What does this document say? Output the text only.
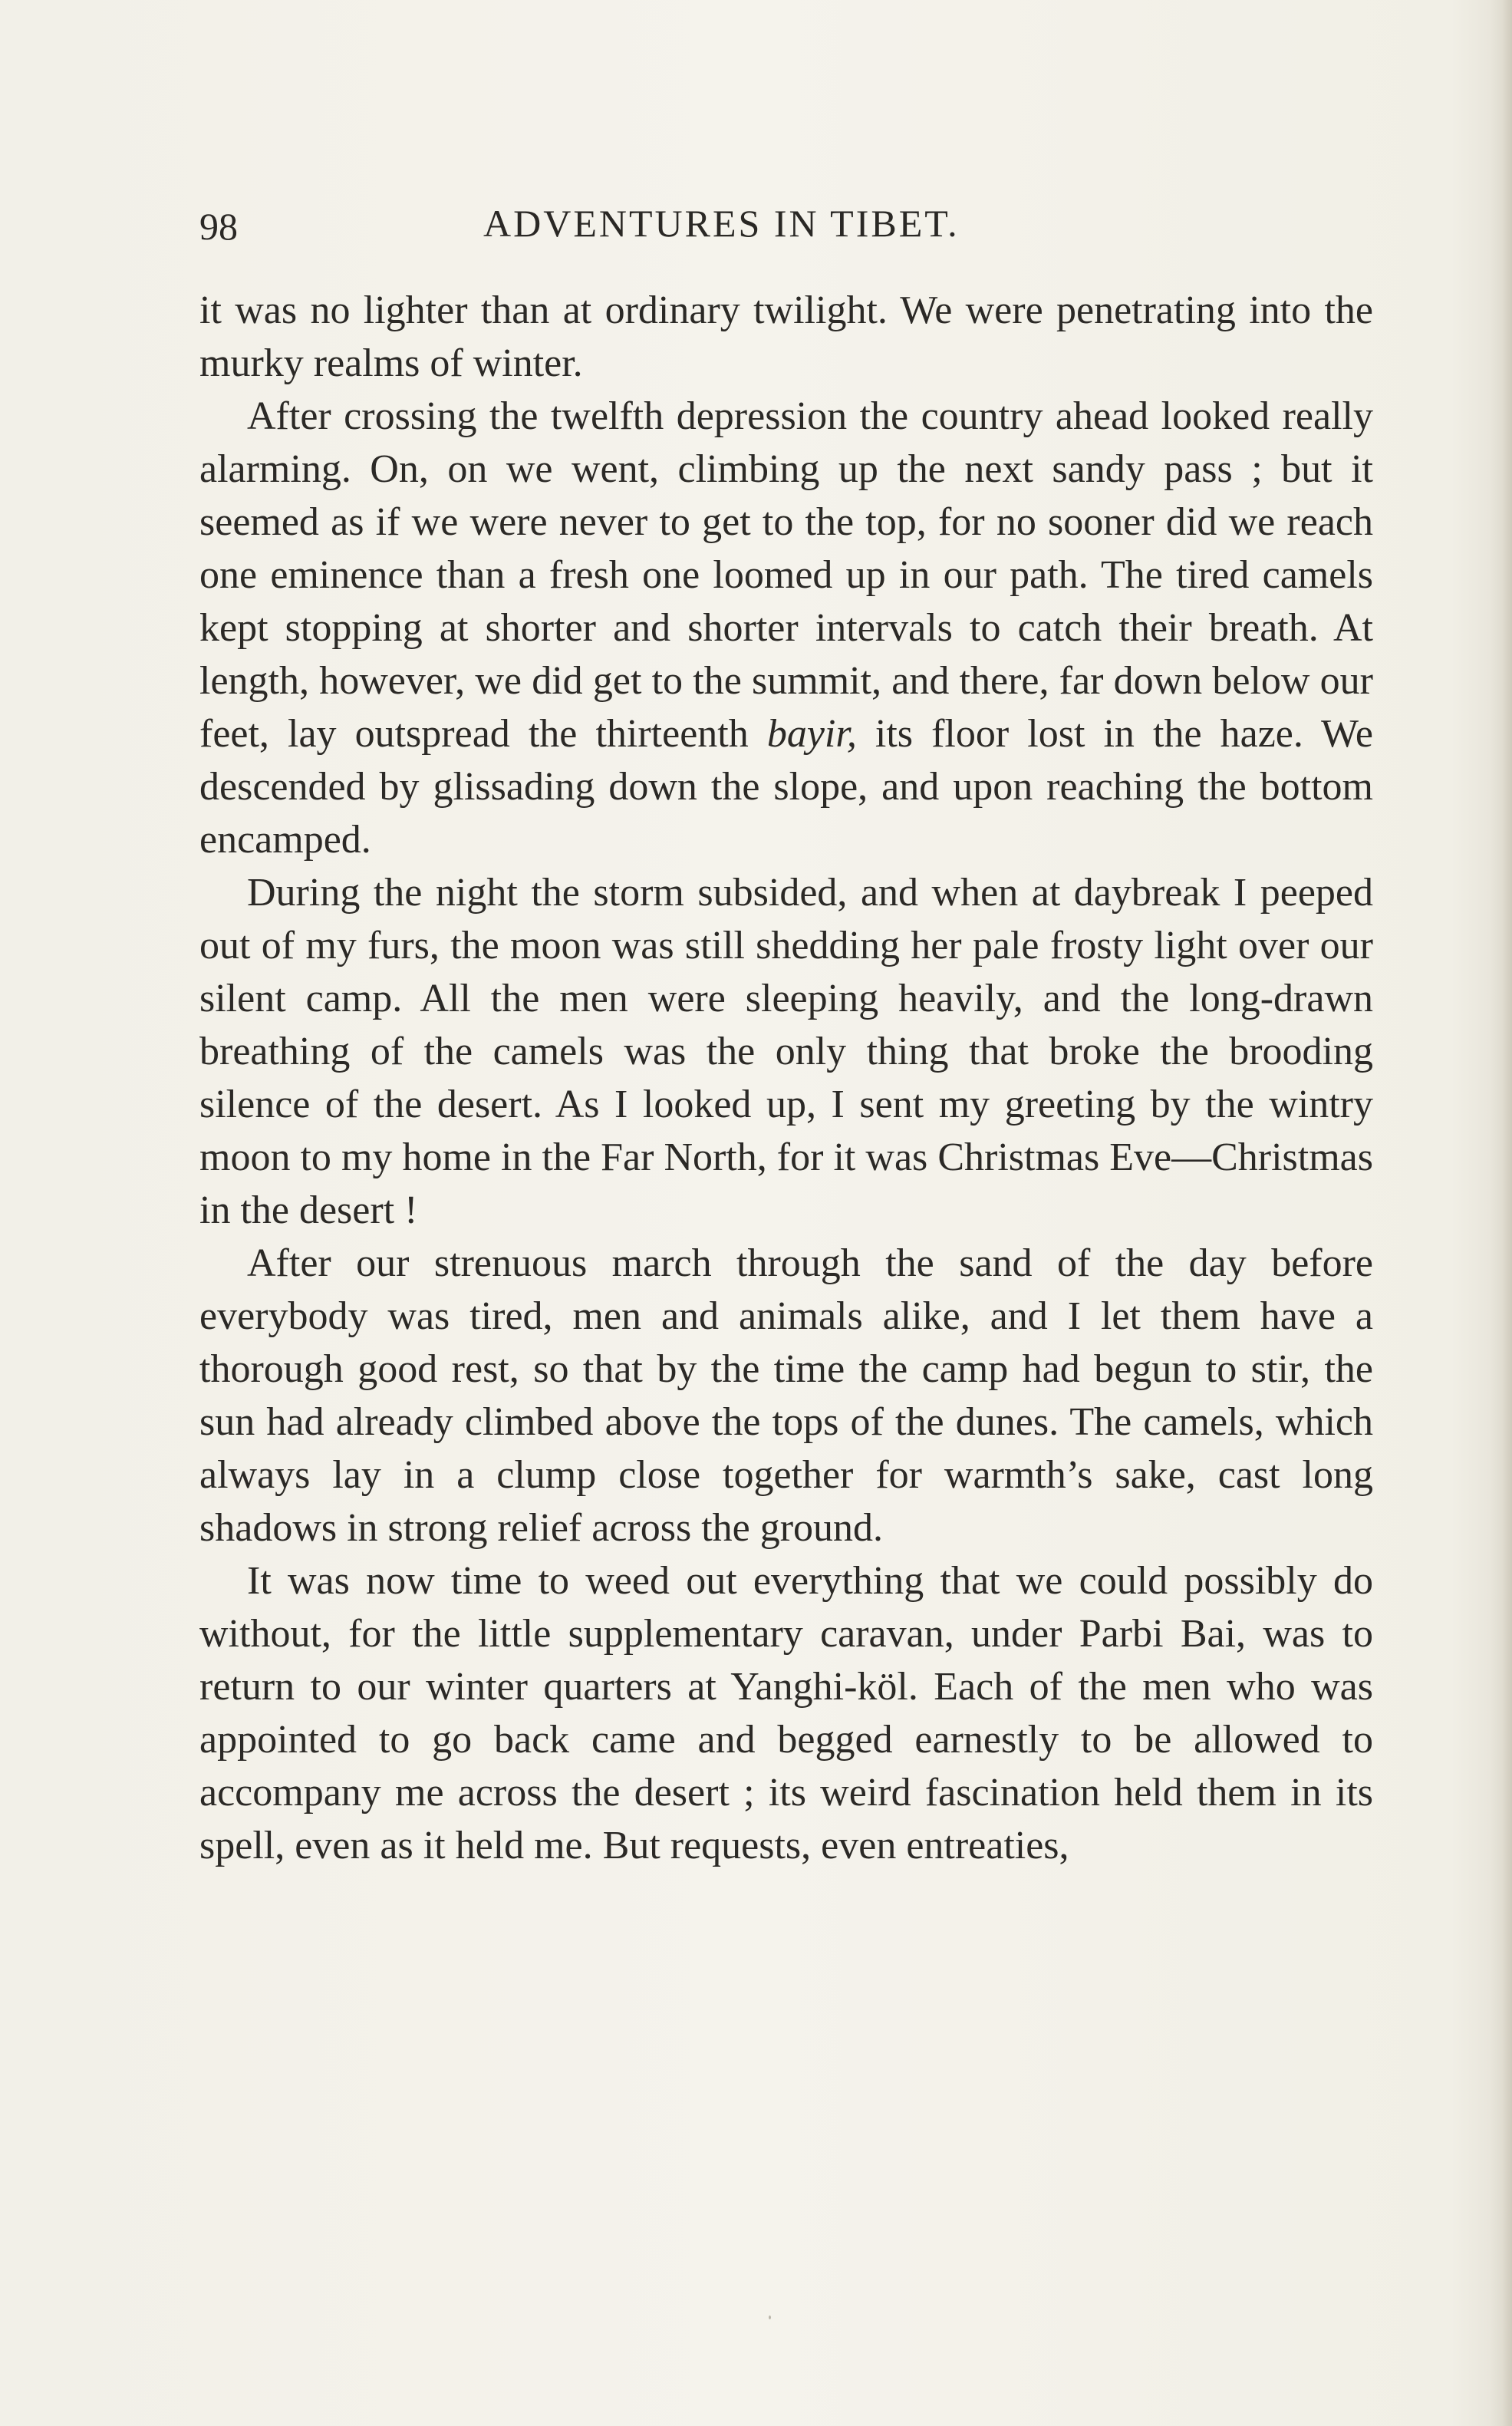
98	ADVENTURES IN TIBET.

it was no lighter than at ordinary twilight. We were penetrating into the murky realms of winter.

After crossing the twelfth depression the country ahead looked really alarming. On, on we went, climbing up the next sandy pass ; but it seemed as if we were never to get to the top, for no sooner did we reach one eminence than a fresh one loomed up in our path. The tired camels kept stopping at shorter and shorter intervals to catch their breath. At length, however, we did get to the summit, and there, far down below our feet, lay outspread the thirteenth bayir, its floor lost in the haze. We descended by glissading down the slope, and upon reaching the bottom encamped.

During the night the storm subsided, and when at daybreak I peeped out of my furs, the moon was still shedding her pale frosty light over our silent camp. All the men were sleeping heavily, and the long-drawn breathing of the camels was the only thing that broke the brooding silence of the desert. As I looked up, I sent my greeting by the wintry moon to my home in the Far North, for it was Christmas Eve—Christmas in the desert !

After our strenuous march through the sand of the day before everybody was tired, men and animals alike, and I let them have a thorough good rest, so that by the time the camp had begun to stir, the sun had already climbed above the tops of the dunes. The camels, which always lay in a clump close together for warmth’s sake, cast long shadows in strong relief across the ground.

It was now time to weed out everything that we could possibly do without, for the little supplementary caravan, under Parbi Bai, was to return to our winter quarters at Yanghi-köl. Each of the men who was appointed to go back came and begged earnestly to be allowed to accompany me across the desert ; its weird fascination held them in its spell, even as it held me. But requests, even entreaties,
